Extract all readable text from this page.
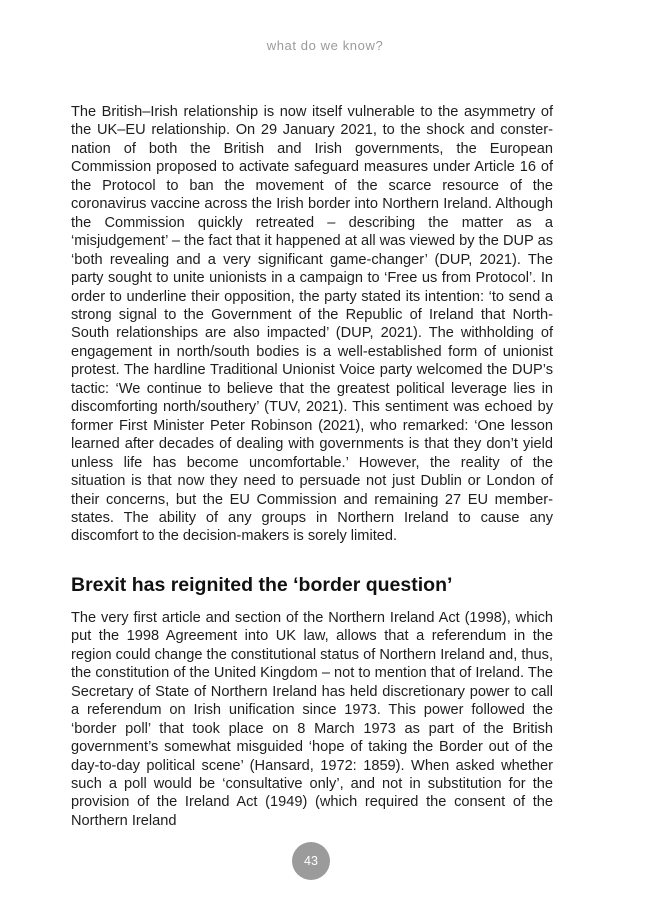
what do we know?

The British–Irish relationship is now itself vulnerable to the asymmetry of the UK–EU relationship. On 29 January 2021, to the shock and consternation of both the British and Irish governments, the European Commission proposed to activate safeguard measures under Article 16 of the Protocol to ban the movement of the scarce resource of the coronavirus vaccine across the Irish border into Northern Ireland. Although the Commission quickly retreated – describing the matter as a ‘misjudgement’ – the fact that it happened at all was viewed by the DUP as ‘both revealing and a very significant game-changer’ (DUP, 2021). The party sought to unite unionists in a campaign to ‘Free us from Protocol’. In order to underline their opposition, the party stated its intention: ‘to send a strong signal to the Government of the Republic of Ireland that North-South relationships are also impacted’ (DUP, 2021). The withholding of engagement in north/​south bodies is a well-established form of unionist protest. The hardline Traditional Unionist Voice party welcomed the DUP’s tactic: ‘We continue to believe that the greatest political leverage lies in discomforting north/​southery’ (TUV, 2021). This sentiment was echoed by former First Minister Peter Robinson (2021), who remarked: ‘One lesson learned after decades of dealing with governments is that they don’t yield unless life has become uncomfortable.’ However, the reality of the situation is that now they need to persuade not just Dublin or London of their concerns, but the EU Commission and remaining 27 EU member-states. The ability of any groups in Northern Ireland to cause any discomfort to the decision-makers is sorely limited.

Brexit has reignited the ‘border question’

The very first article and section of the Northern Ireland Act (1998), which put the 1998 Agreement into UK law, allows that a referendum in the region could change the constitutional status of Northern Ireland and, thus, the constitution of the United Kingdom – not to mention that of Ireland. The Secretary of State of Northern Ireland has held discretionary power to call a referendum on Irish unification since 1973. This power followed the ‘border poll’ that took place on 8 March 1973 as part of the British government’s somewhat misguided ‘hope of taking the Border out of the day-to-day political scene’ (Hansard, 1972: 1859). When asked whether such a poll would be ‘consultative only’, and not in substitution for the provision of the Ireland Act (1949) (which required the consent of the Northern Ireland

43
